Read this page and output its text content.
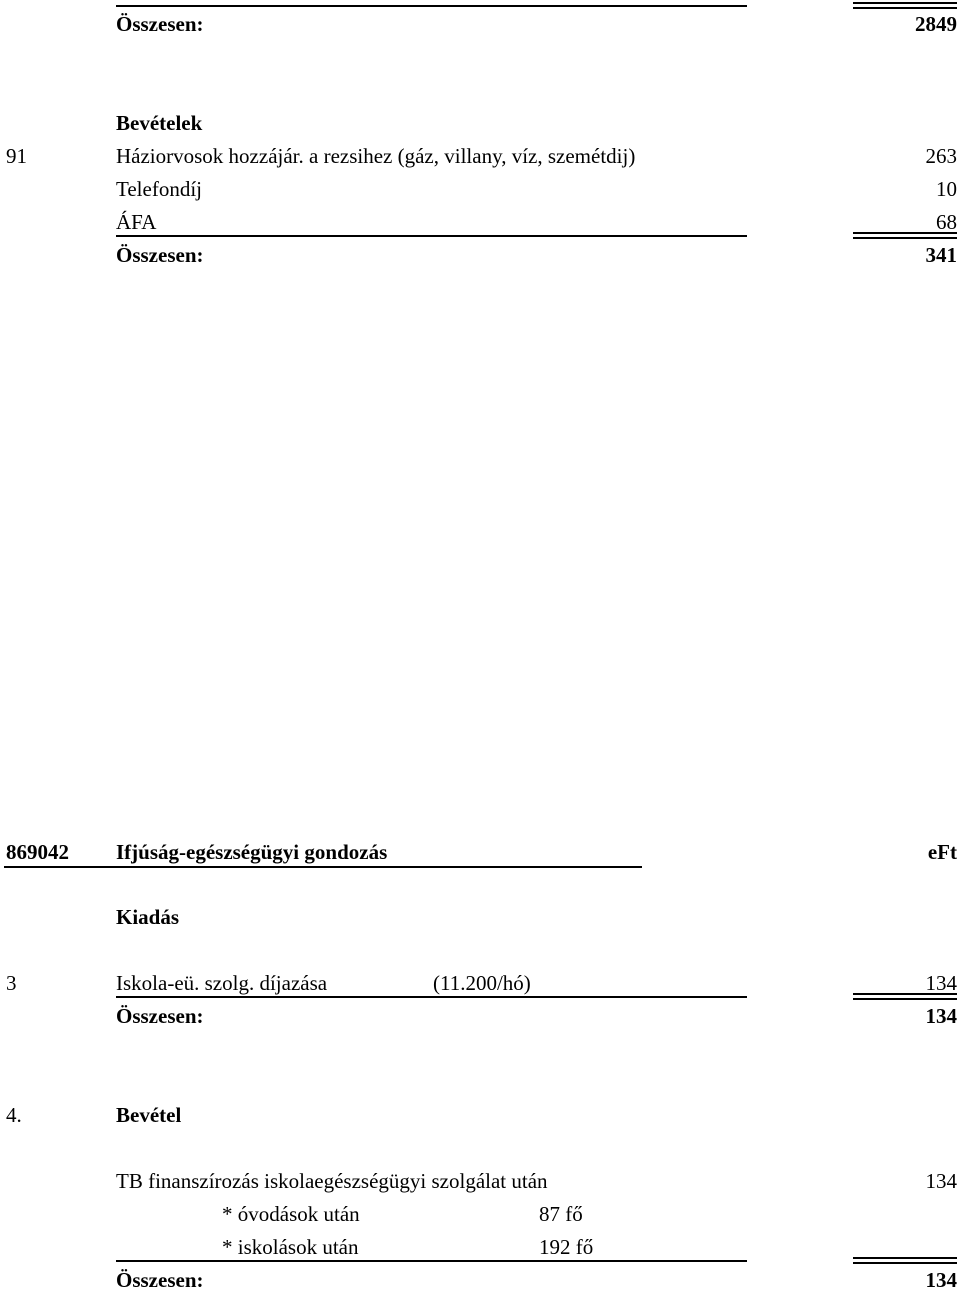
Összesen:	2849
Bevételek
91	Háziorvosok hozzájár. a rezsihez (gáz, villany, víz, szemétdij)	263
Telefondíj	10
ÁFA	68
Összesen:	341
869042 Ifjúság-egészségügyi gondozás	eFt
Kiadás
3	Iskola-eü. szolg. díjazása	(11.200/hó)	134
Összesen:	134
4.	Bevétel
TB finanszírozás iskolaegészségügyi szolgálat után	134
* óvodások után	87 fő
* iskolások után	192 fő
Összesen:	134
